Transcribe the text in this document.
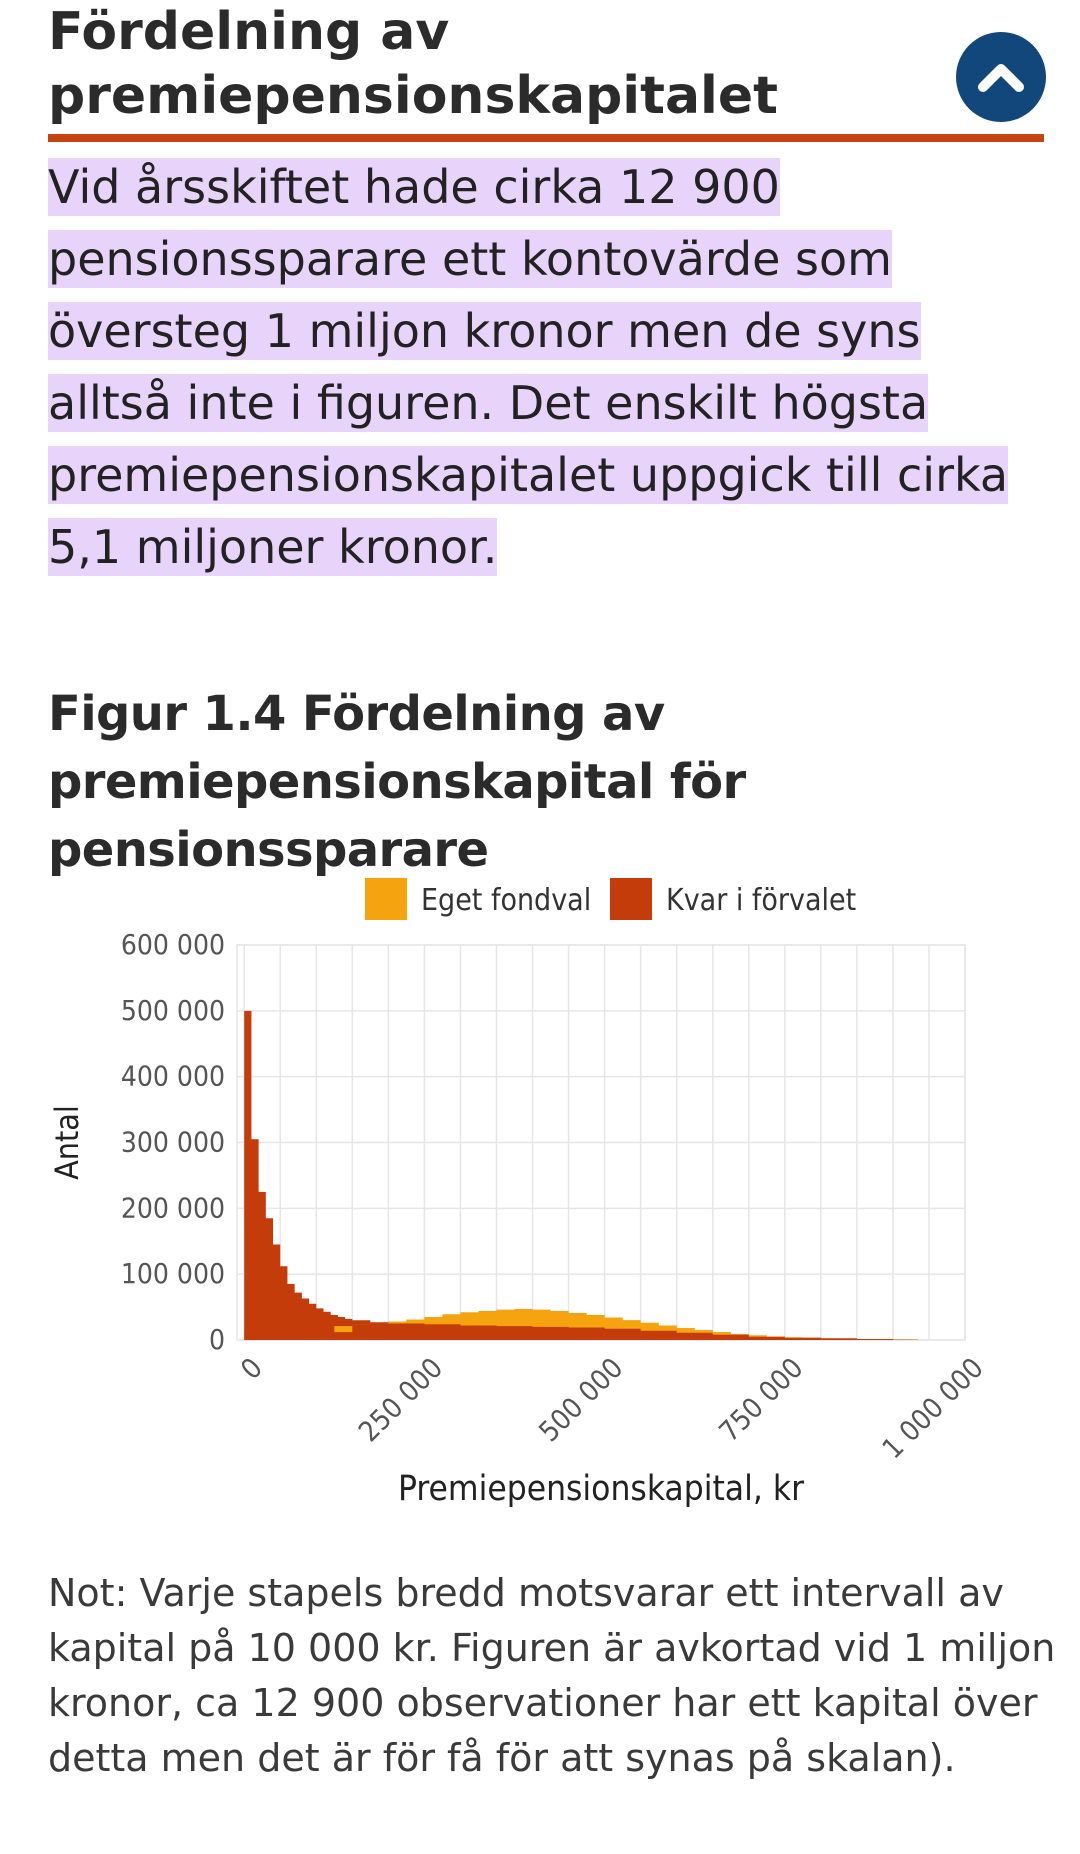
Fördelning av premiepensionskapitalet

Vid årsskiftet hade cirka 12 900 pensionssparare ett kontovärde som översteg 1 miljon kronor men de syns alltså inte i figuren. Det enskilt högsta premiepensionskapitalet uppgick till cirka 5,1 miljoner kronor.

Figur 1.4 Fördelning av premiepensionskapital för pensionssparare
0
100 000
200 000
300 000
400 000
500 000
600 000
0	250 000	500 000	750 000 1 000 000
Antal
Premiepensionskapital, kr
Eget fondval Kvar i förvalet

Not: Varje stapels bredd motsvarar ett intervall av kapital på 10 000 kr. Figuren är avkortad vid 1 miljon kronor, ca 12 900 observationer har ett kapital över detta men det är för få för att synas på skalan).
